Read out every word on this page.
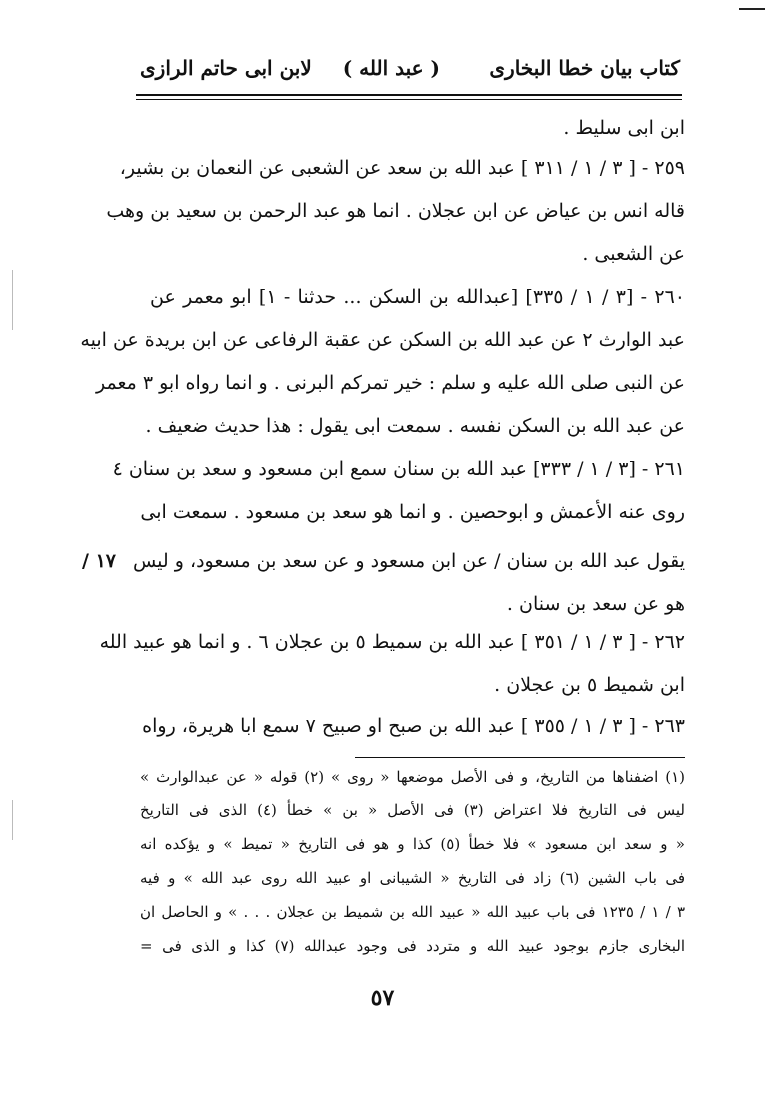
كتاب بيان خطا البخارى
( عبد الله )
لابن ابى حاتم الرازى
ابن ابى سليط .
٢٥٩ - [ ٣ / ١ / ٣١١ ] عبد الله بن سعد عن الشعبى عن النعمان بن بشير،
قاله انس بن عياض عن ابن عجلان . انما هو عبد الرحمن بن سعيد بن وهب
عن الشعبى .
٢٦٠ - [٣ / ١ / ٣٣٥] [عبدالله بن السكن ... حدثنا - ١] ابو معمر عن
عبد الوارث ٢ عن عبد الله بن السكن عن عقبة الرفاعى عن ابن بريدة عن ابيه
عن النبى صلى الله عليه و سلم : خير تمركم البرنى . و انما رواه ابو ٣ معمر
عن عبد الله بن السكن نفسه . سمعت ابى يقول : هذا حديث ضعيف .
٢٦١ - [٣ / ١ / ٣٣٣] عبد الله بن سنان سمع ابن مسعود و سعد بن سنان ٤
روى عنه الأعمش و ابوحصين . و انما هو سعد بن مسعود . سمعت ابى
يقول عبد الله بن سنان / عن ابن مسعود و عن سعد بن مسعود، و ليس
هو عن سعد بن سنان .
٢٦٢ - [ ٣ / ١ / ٣٥١ ] عبد الله بن سميط ٥ بن عجلان ٦ . و انما هو عبيد الله
ابن شميط ٥ بن عجلان .
٢٦٣ - [ ٣ / ١ / ٣٥٥ ] عبد الله بن صبح او صبيح ٧ سمع ابا هريرة، رواه
١٧ /
(١) اضفناها من التاريخ، و فى الأصل موضعها « روى » (٢) قوله « عن عبدالوارث »
ليس فى التاريخ فلا اعتراض (٣) فى الأصل « بن » خطأ (٤) الذى فى التاريخ
« و سعد ابن مسعود » فلا خطأ (٥) كذا و هو فى التاريخ « تميط » و يؤكده انه
فى باب الشين (٦) زاد فى التاريخ « الشيبانى او عبيد الله روى عبد الله » و فيه
٣ / ١ / ١٢٣٥ فى باب عبيد الله « عبيد الله بن شميط بن عجلان . . . » و الحاصل ان
البخارى جازم بوجود عبيد الله و متردد فى وجود عبدالله (٧) كذا و الذى فى =
٥٧
